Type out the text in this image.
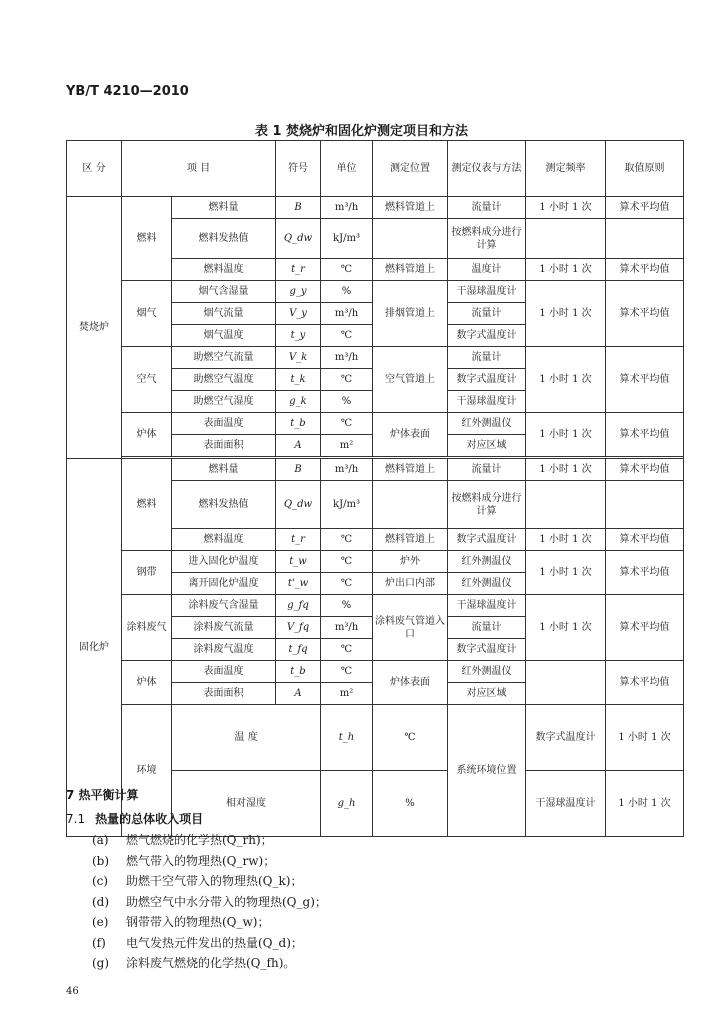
YB/T 4210—2010
表 1 焚烧炉和固化炉测定项目和方法
区 分	项 目		符号	单位	测定位置	测定仪表与方法	测定频率	取值原则	
焚烧炉	燃料	燃料量	B	m³/h	燃料管道上	流量计	1 小时 1 次	算术平均值	
		燃料发热值	Q_dw	kJ/m³		按燃料成分进行计算			
		燃料温度	t_r	℃	燃料管道上	温度计	1 小时 1 次	算术平均值	
	烟气	烟气含湿量	g_y	%	排烟管道上	干湿球温度计	1 小时 1 次	算术平均值	
		烟气流量	V_y	m³/h		流量计			
		烟气温度	t_y	℃		数字式温度计			
	空气	助燃空气流量	V_k	m³/h	空气管道上	流量计	1 小时 1 次	算术平均值	
		助燃空气温度	t_k	℃		数字式温度计			
		助燃空气湿度	g_k	%		干湿球温度计			
	炉体	表面温度	t_b	℃	炉体表面	红外测温仪	1 小时 1 次	算术平均值	
		表面面积	A	m²		对应区域			

固化炉	燃料	燃料量	B	m³/h	燃料管道上	流量计	1 小时 1 次	算术平均值	
		燃料发热值	Q_dw	kJ/m³		按燃料成分进行计算			
		燃料温度	t_r	℃	燃料管道上	数字式温度计	1 小时 1 次	算术平均值	
	钢带	进入固化炉温度	t_w	℃	炉外	红外测温仪	1 小时 1 次	算术平均值	
		离开固化炉温度	t'_w	℃	炉出口内部	红外测温仪			
	涂料废气	涂料废气含湿量	g_fq	%	涂料废气管道入口	干湿球温度计	1 小时 1 次	算术平均值	
		涂料废气流量	V_fq	m³/h		流量计			
		涂料废气温度	t_fq	℃		数字式温度计			
	炉体	表面温度	t_b	℃	炉体表面	红外测温仪		算术平均值	
		表面面积	A	m²		对应区域			
	环境	温 度		t_h	℃	系统环境位置	数字式温度计	1 小时 1 次	
		相对湿度		g_h	%		干湿球温度计	1 小时 1 次	
7 热平衡计算
7.1 热量的总体收入项目
(a) 燃气燃烧的化学热(Q_rh)；
(b) 燃气带入的物理热(Q_rw)；
(c) 助燃干空气带入的物理热(Q_k)；
(d) 助燃空气中水分带入的物理热(Q_g)；
(e) 钢带带入的物理热(Q_w)；
(f) 电气发热元件发出的热量(Q_d)；
(g) 涂料废气燃烧的化学热(Q_fh)。
46
